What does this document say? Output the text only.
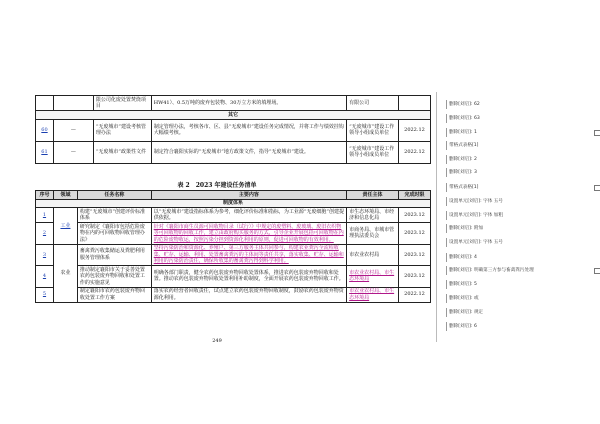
		限公司化废处置焚烧项目	HW41）、0.5万吨的废弃包装物、30万立方米的填埋场。	有限公司	
其它					
60	—	“无废城市”建设考核管理办法	制定管理办法，考核各市、区、县“无废城市”建设任务完成情况，并将工作与绩效挂钩大幅绩考核。	“无废城市”建设工作领导小组成员单位	2022.12
61	—	“无废城市”政策性文件	制定符合襄阳实际的“无废城市”地方政策文件，指导“无废城市”建设。	“无废城市”建设工作领导小组成员单位	2022.12
表 2　2023 年建设任务清单
序号	领域	任务名称	主要内容	责任主体	完成时限
制度体系					
1	工业	构建“无废城市”创建评价标准体系	以“无废城市”建设指标体系为参考，细化评价标准和指标，为工业源“无废细胞”创建提供依据。	市生态环境局、市经济和信息化局	2023.12
2		研究制定《襄阳市包括危险废物在内的可回收物回收管理办法》	针对《襄阳市商生员源可回收物目录（试行）》中规定的废塑料、废玻璃、废旧衣织物等可回收物的回收工作，建立由政府购买服务的方式，引导企业开展包括可回收物在内的危险废物收运，按照污染分担到资源化利用的原则，促进可回收物的有效利用。	市商务局、市城市管理执法委员会	2023.12
3	农业	畜禽粪污收集储运及粪肥利用服务管理体系	坚持污染防治和资源化、养殖户、第三方服务主体共同参与，构建农业粪污全流程收集、贮存、运输、利用、处置畜禽粪污的主体间等责任共享，落实收集、贮存、运输和利用的污染防治责任，确保所收集的畜禽粪污得到科学利用。	市农业农村局	2023.12
4		推动制定襄阳市关于妥善处置农药包装废弃物回收和处置工作的实施意见	明确各部门职责，健全农药包装废弃物回收处置体系，推进农药包装废弃物回收和处置。推动农药包装废弃物回收处置利用补助制度，全面开展农药包装废弃物回收工作。	市农业农村局、市生态环境局	2023.12
5		制定襄阳市农药包装废弃物回收处置工作方案	落实农药经营者回收责任，试点建立农药包装废弃物回收制度，鼓励农药包装废弃物资源化利用。	市农业农村局、市生态环境局	2022.12
249
删除[刘启]: 62
删除[刘启]: 63
删除[刘启]: 1
带格式表格[1]
删除[刘启]: 2
删除[刘启]: 3
带格式表格[1]
设置单元[刘启]: 字体 五号
设置单元[刘启]: 字体 加粗
删除[刘启]: 附加
设置单元[刘启]: 字体 五号
删除[刘启]: 4
删除[刘启]: 明确第三方参与畜禽粪污处理
删除[刘启]: 5
删除[刘启]: 或
删除[刘启]: 规定
删除[刘启]: 6
